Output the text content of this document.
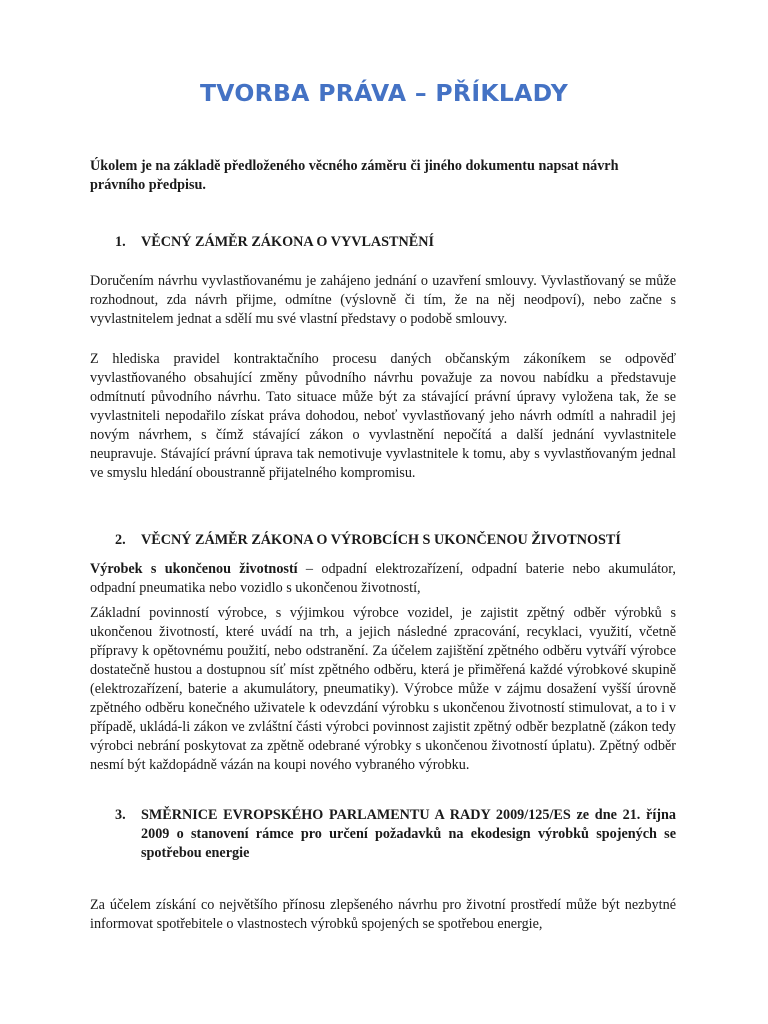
TVORBA PRÁVA – PŘÍKLADY

Úkolem je na základě předloženého věcného záměru či jiného dokumentu napsat návrh právního předpisu.

1.	VĚCNÝ ZÁMĚR ZÁKONA O VYVLASTNĚNÍ

Doručením návrhu vyvlastňovanému je zahájeno jednání o uzavření smlouvy. Vyvlastňovaný se může rozhodnout, zda návrh přijme, odmítne (výslovně či tím, že na něj neodpoví), nebo začne s vyvlastnitelem jednat a sdělí mu své vlastní představy o podobě smlouvy.

Z hlediska pravidel kontraktačního procesu daných občanským zákoníkem se odpověď vyvlastňovaného obsahující změny původního návrhu považuje za novou nabídku a představuje odmítnutí původního návrhu. Tato situace může být za stávající právní úpravy vyložena tak, že se vyvlastniteli nepodařilo získat práva dohodou, neboť vyvlastňovaný jeho návrh odmítl a nahradil jej novým návrhem, s čímž stávající zákon o vyvlastnění nepočítá a další jednání vyvlastnitele neupravuje. Stávající právní úprava tak nemotivuje vyvlastnitele k tomu, aby s vyvlastňovaným jednal ve smyslu hledání oboustranně přijatelného kompromisu.

2.	VĚCNÝ ZÁMĚR ZÁKONA O VÝROBCÍCH S UKONČENOU ŽIVOTNOSTÍ

Výrobek s ukončenou životností – odpadní elektrozařízení, odpadní baterie nebo akumulátor, odpadní pneumatika nebo vozidlo s ukončenou životností,

Základní povinností výrobce, s výjimkou výrobce vozidel, je zajistit zpětný odběr výrobků s ukončenou životností, které uvádí na trh, a jejich následné zpracování, recyklaci, využití, včetně přípravy k opětovnému použití, nebo odstranění. Za účelem zajištění zpětného odběru vytváří výrobce dostatečně hustou a dostupnou síť míst zpětného odběru, která je přiměřená každé výrobkové skupině (elektrozařízení, baterie a akumulátory, pneumatiky). Výrobce může v zájmu dosažení vyšší úrovně zpětného odběru konečného uživatele k odevzdání výrobku s ukončenou životností stimulovat, a to i v případě, ukládá-li zákon ve zvláštní části výrobci povinnost zajistit zpětný odběr bezplatně (zákon tedy výrobci nebrání poskytovat za zpětně odebrané výrobky s ukončenou životností úplatu). Zpětný odběr nesmí být každopádně vázán na koupi nového vybraného výrobku.

3.	SMĚRNICE EVROPSKÉHO PARLAMENTU A RADY 2009/125/ES ze dne 21. října 2009 o stanovení rámce pro určení požadavků na ekodesign výrobků spojených se spotřebou energie

Za účelem získání co největšího přínosu zlepšeného návrhu pro životní prostředí může být nezbytné informovat spotřebitele o vlastnostech výrobků spojených se spotřebou energie,
